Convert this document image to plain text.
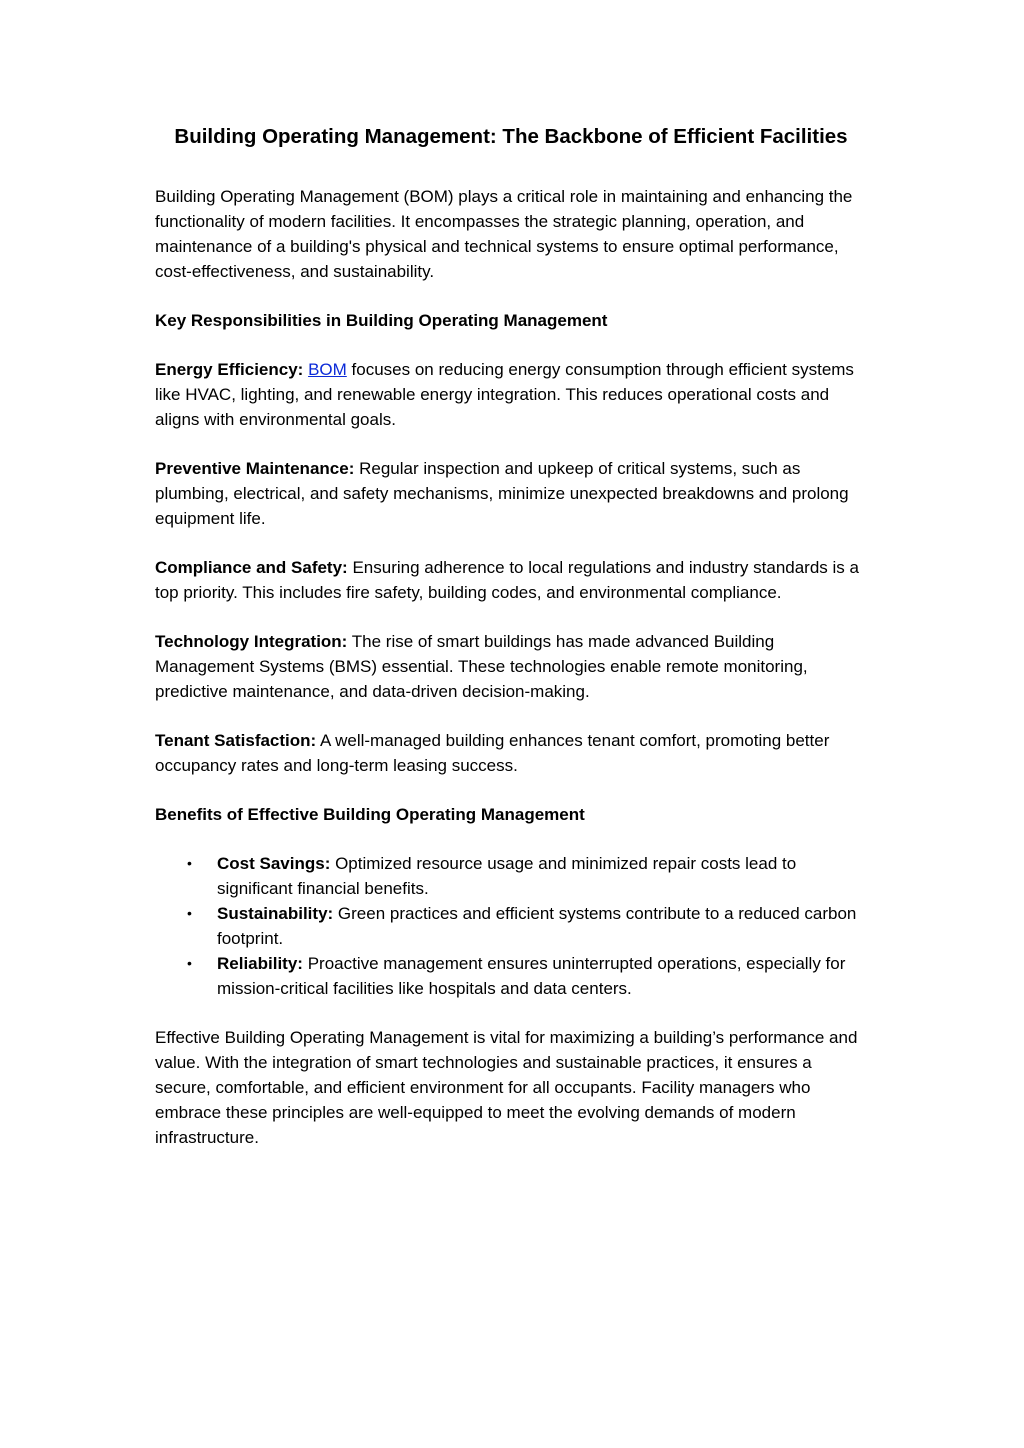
Building Operating Management: The Backbone of Efficient Facilities

Building Operating Management (BOM) plays a critical role in maintaining and enhancing the functionality of modern facilities. It encompasses the strategic planning, operation, and maintenance of a building's physical and technical systems to ensure optimal performance, cost-effectiveness, and sustainability.

Key Responsibilities in Building Operating Management

Energy Efficiency: BOM focuses on reducing energy consumption through efficient systems like HVAC, lighting, and renewable energy integration. This reduces operational costs and aligns with environmental goals.

Preventive Maintenance: Regular inspection and upkeep of critical systems, such as plumbing, electrical, and safety mechanisms, minimize unexpected breakdowns and prolong equipment life.

Compliance and Safety: Ensuring adherence to local regulations and industry standards is a top priority. This includes fire safety, building codes, and environmental compliance.

Technology Integration: The rise of smart buildings has made advanced Building Management Systems (BMS) essential. These technologies enable remote monitoring, predictive maintenance, and data-driven decision-making.

Tenant Satisfaction: A well-managed building enhances tenant comfort, promoting better occupancy rates and long-term leasing success.

Benefits of Effective Building Operating Management
• Cost Savings: Optimized resource usage and minimized repair costs lead to significant financial benefits.
• Sustainability: Green practices and efficient systems contribute to a reduced carbon footprint.
• Reliability: Proactive management ensures uninterrupted operations, especially for mission-critical facilities like hospitals and data centers.

Effective Building Operating Management is vital for maximizing a building’s performance and value. With the integration of smart technologies and sustainable practices, it ensures a secure, comfortable, and efficient environment for all occupants. Facility managers who embrace these principles are well-equipped to meet the evolving demands of modern infrastructure.
